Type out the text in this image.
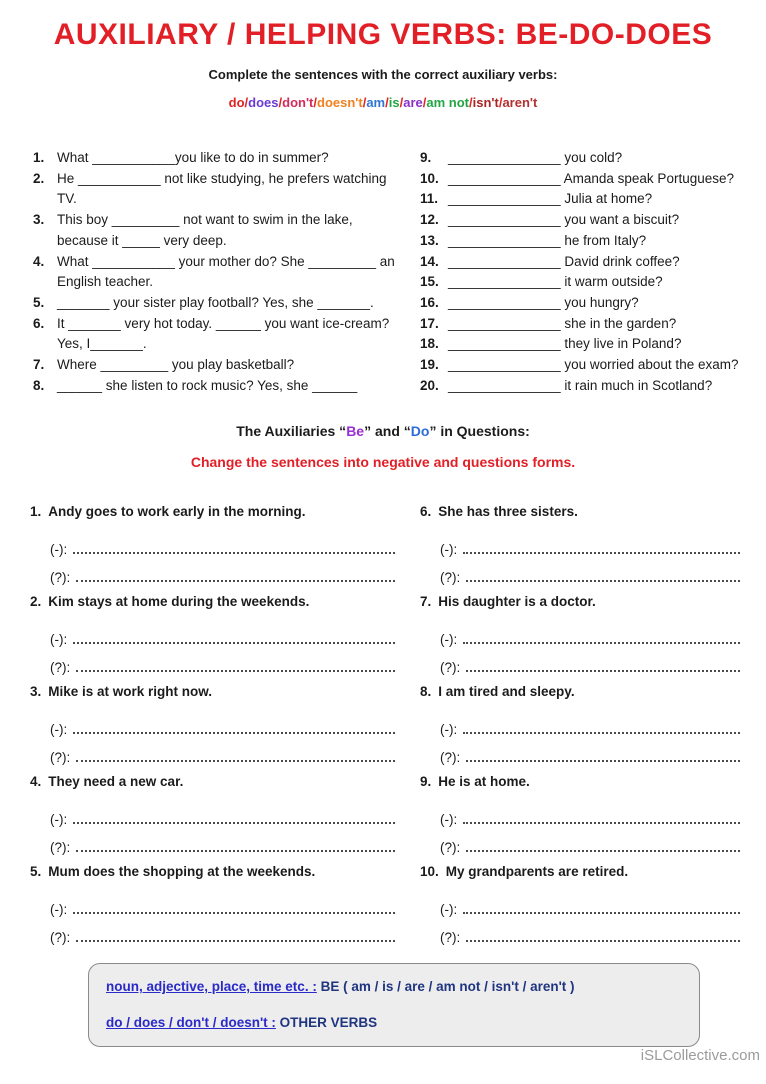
AUXILIARY / HELPING VERBS: BE-DO-DOES
Complete the sentences with the correct auxiliary verbs:
do/does/don't/doesn't/am/is/are/am not/isn't/aren't
1. What ___________you like to do in summer?
2. He ___________ not like studying, he prefers watching TV.
3. This boy _________ not want to swim in the lake, because it _____ very deep.
4. What ___________ your mother do? She _________ an English teacher.
5. _______ your sister play football? Yes, she _______.
6. It _______ very hot today. ______ you want ice-cream? Yes, I_______.
7. Where _________ you play basketball?
8. ______ she listen to rock music? Yes, she ______
9.	_______________ you cold?
10. _______________ Amanda speak Portuguese?
11. _______________ Julia at home?
12. _______________ you want a biscuit?
13. _______________ he from Italy?
14. _______________ David drink coffee?
15. _______________ it warm outside?
16. _______________ you hungry?
17. _______________ she in the garden?
18. _______________ they live in Poland?
19. _______________ you worried about the exam?
20. _______________ it rain much in Scotland?
The Auxiliaries “Be” and “Do” in Questions:
Change the sentences into negative and questions forms.
1. Andy goes to work early in the morning.
(-):
(?):
2. Kim stays at home during the weekends.
(-):
(?):
3. Mike is at work right now.
(-):
(?):
4. They need a new car.
(-):
(?):
5. Mum does the shopping at the weekends.
(-):
(?):
6. She has three sisters.
(-):
(?):
7. His daughter is a doctor.
(-):
(?):
8. I am tired and sleepy.
(-):
(?):
9. He is at home.
(-):
(?):
10. My grandparents are retired.
(-):
(?):
noun, adjective, place, time etc. : BE ( am / is / are / am not / isn't / aren't )
do / does / don't / doesn't : OTHER VERBS
iSLCollective.com
